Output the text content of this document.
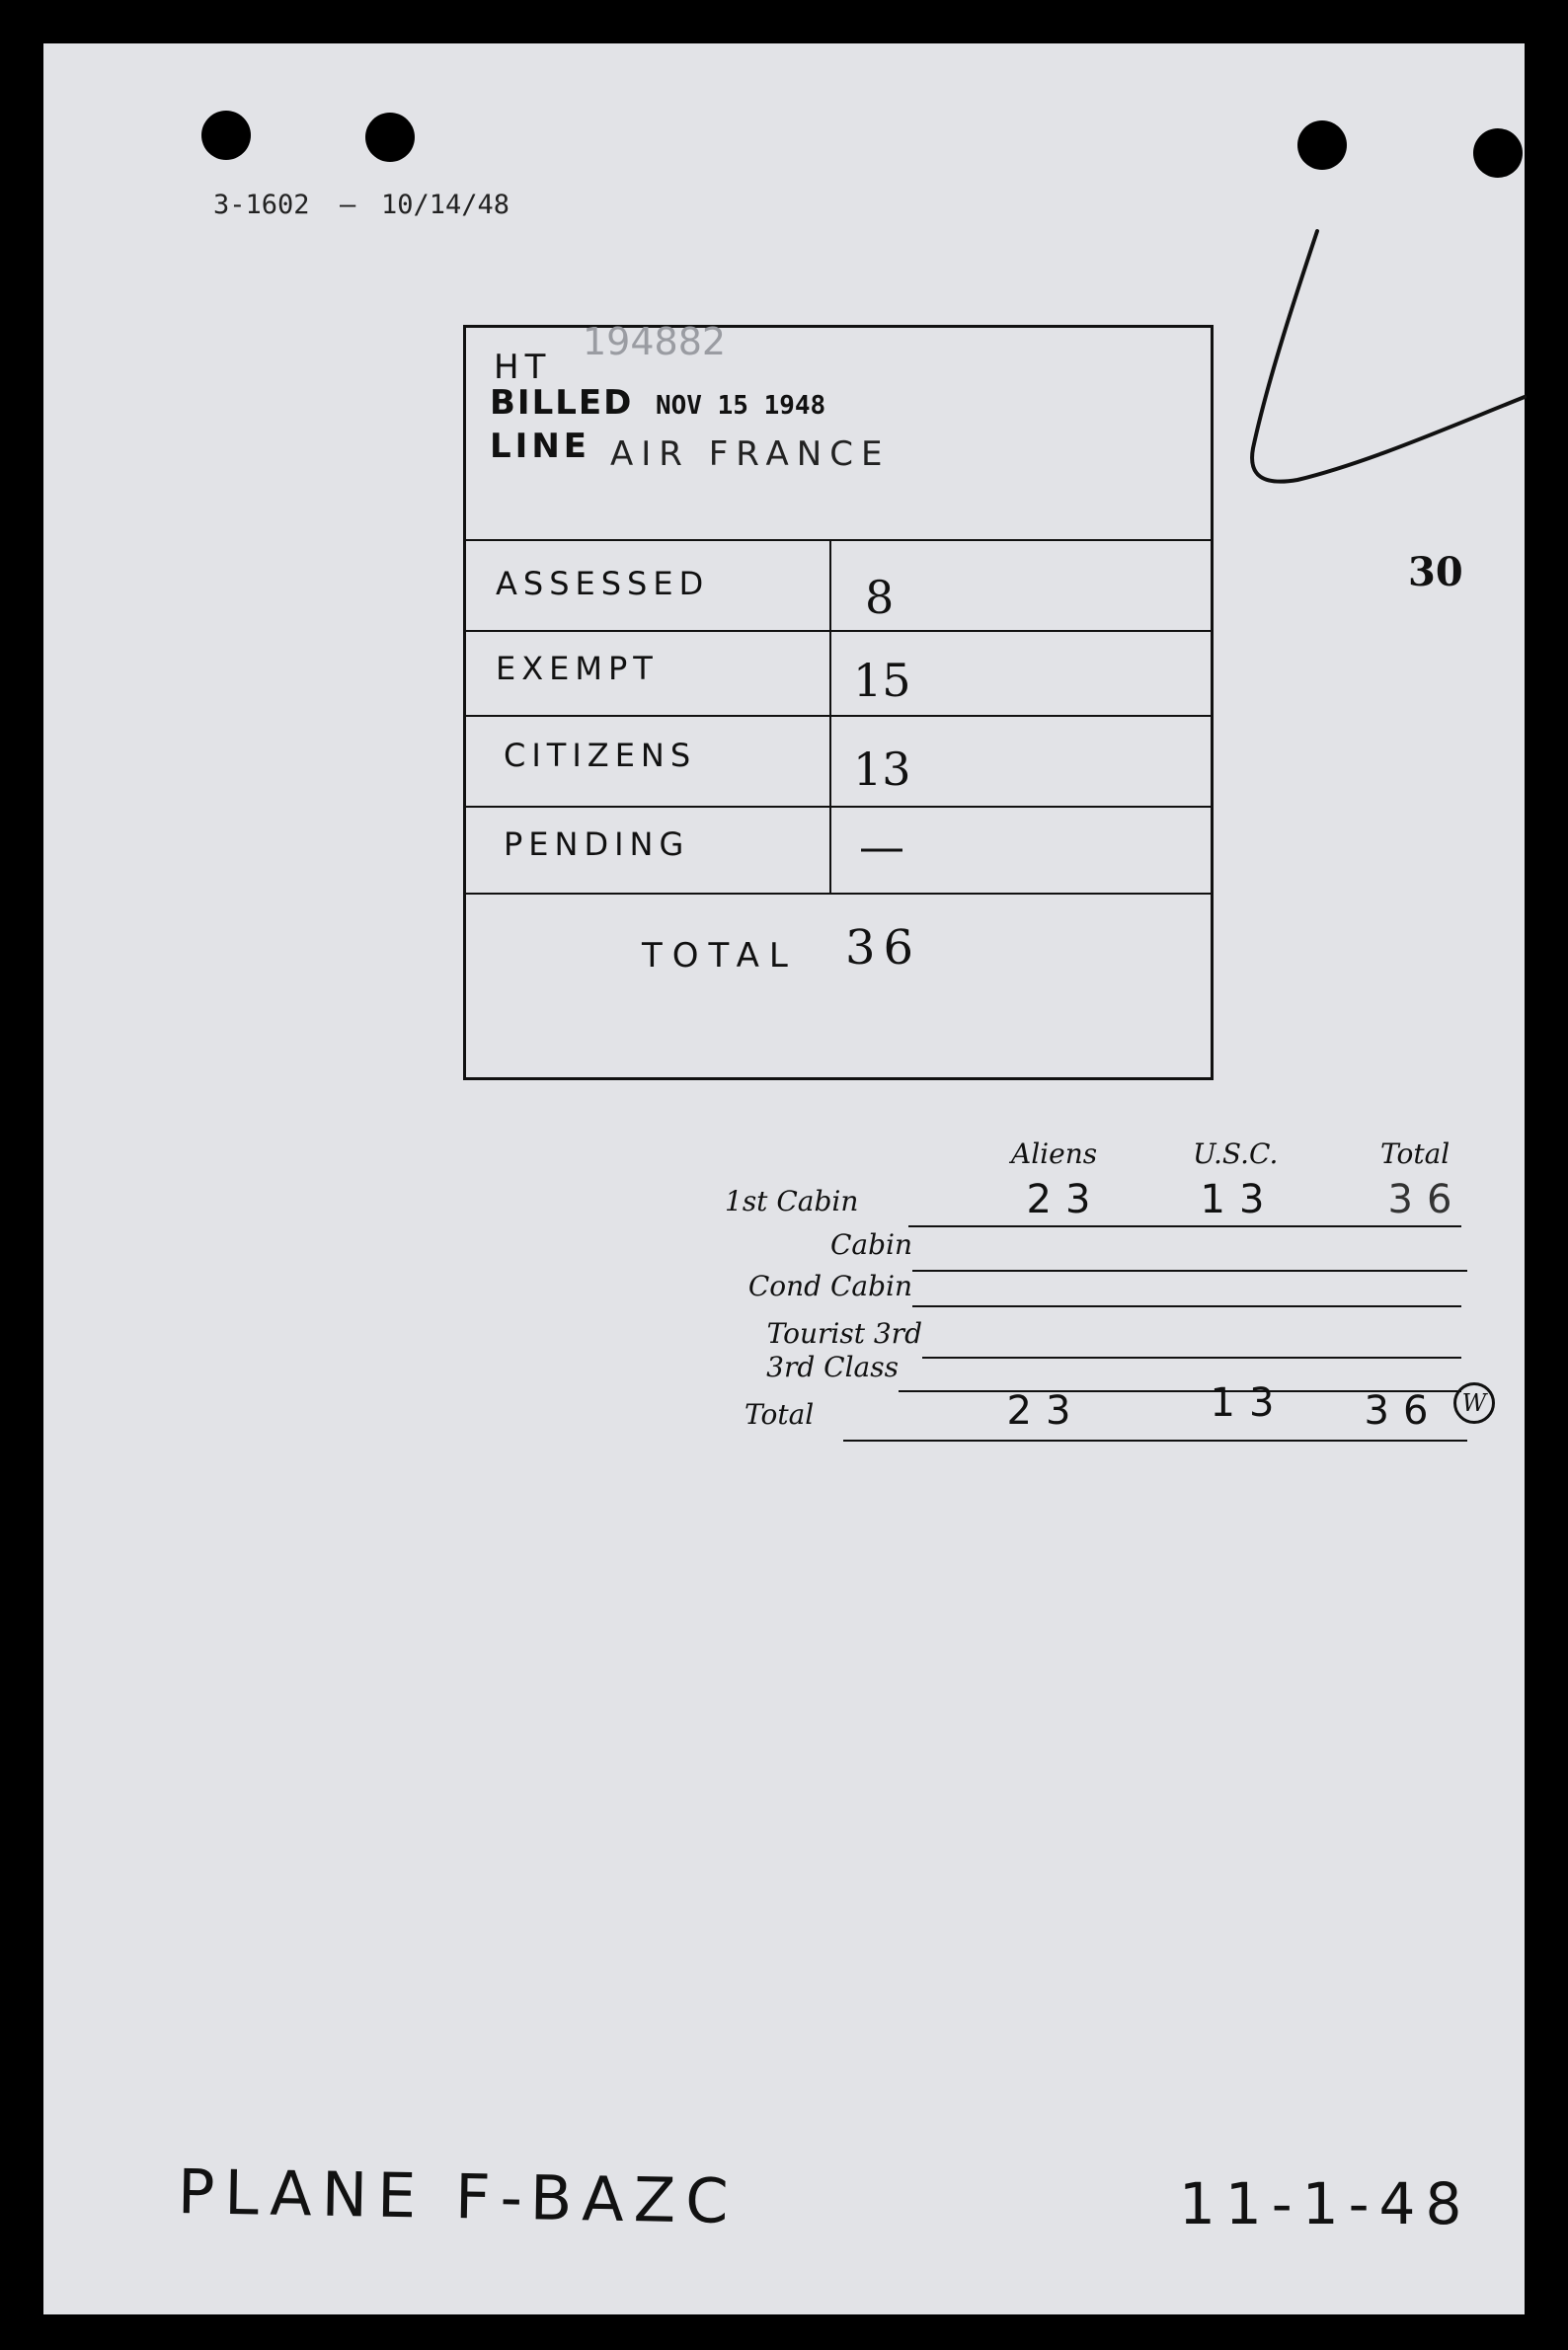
3-1602 — 10/14/48
30
194882
HT
BILLED NOV 15 1948
LINE AIR FRANCE
ASSESSED	8
EXEMPT	15
CITIZENS	13
PENDING	—
TOTAL 36
Aliens	U.S.C.	Total
1st Cabin	23	13	36
Cabin
Cond Cabin
Tourist 3rd
3rd Class
W
Total	23	13	36
PLANE F-BAZC	11-1-48
